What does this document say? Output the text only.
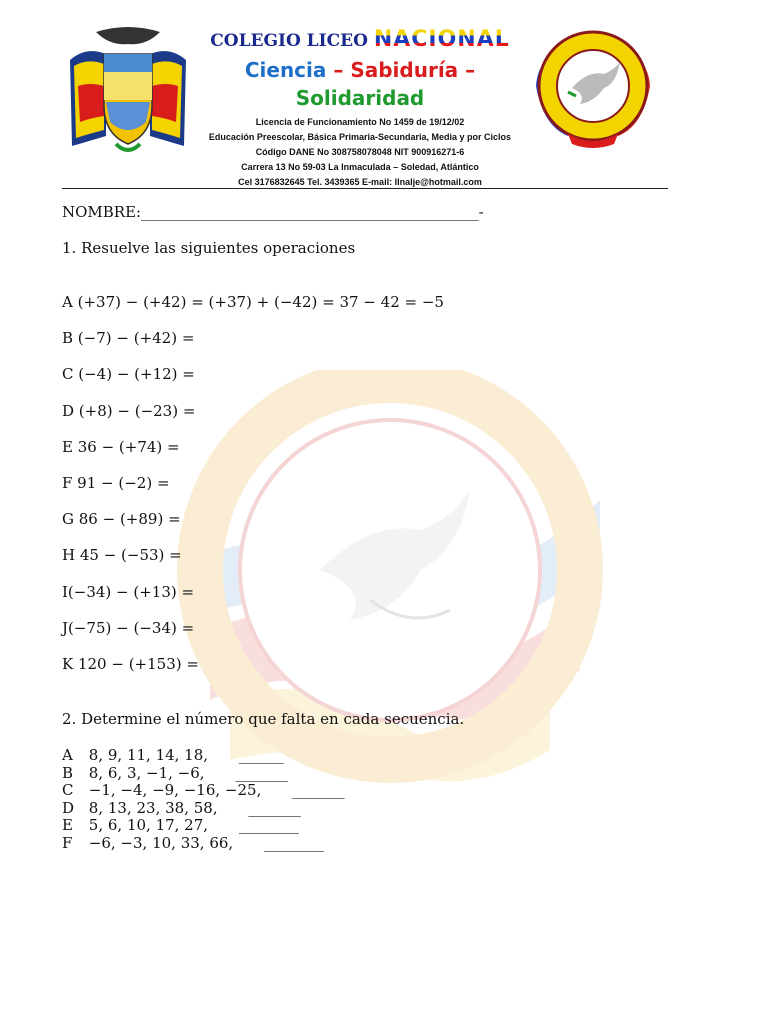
COLEGIO LICEO NACIONAL
Ciencia – Sabiduría –
Solidaridad
Licencia de Funcionamiento No 1459 de 19/12/02
Educación Preescolar, Básica Primaria-Secundaria, Media y por Ciclos
Código DANE No 308758078048 NIT 900916271-6
Carrera 13 No 59-03 La Inmaculada – Soledad, Atlántico
Cel 3176832645 Tel. 3439365 E-mail: llnalje@hotmail.com
NOMBRE:_____________________________________________-
1. Resuelve las siguientes operaciones
A (+37) − (+42) = (+37) + (−42) = 37 − 42 = −5
B (−7) − (+42) =
C (−4) − (+12) =
D (+8) − (−23) =
E 36 − (+74) =
F 91 − (−2) =
G 86 − (+89) =
H 45 − (−53) =
I(−34) − (+13) =
J(−75) − (−34) =
K 120 − (+153) =
2. Determine el número que falta en cada secuencia.
A 8, 9, 11, 14, 18, ______
B 8, 6, 3, −1, −6, _______
C −1, −4, −9, −16, −25, _______
D 8, 13, 23, 38, 58, _______
E 5, 6, 10, 17, 27, ________
F −6, −3, 10, 33, 66, ________
